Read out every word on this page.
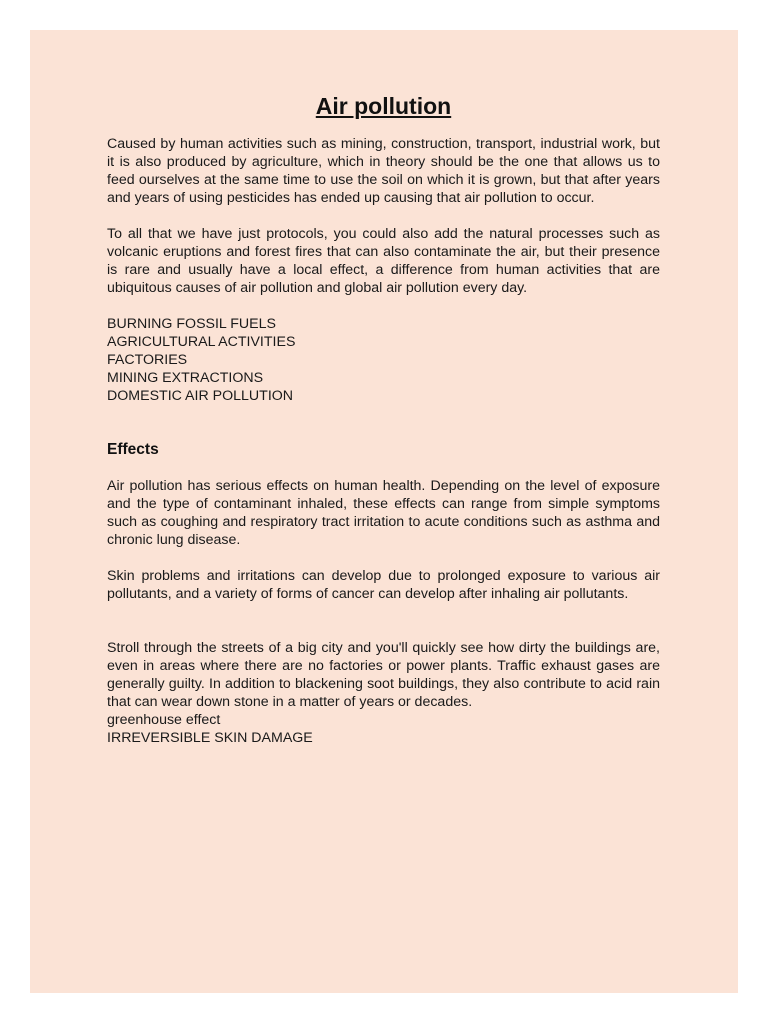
Air pollution

Caused by human activities such as mining, construction, transport, industrial work, but it is also produced by agriculture, which in theory should be the one that allows us to feed ourselves at the same time to use the soil on which it is grown, but that after years and years of using pesticides has ended up causing that air pollution to occur.

To all that we have just protocols, you could also add the natural processes such as volcanic eruptions and forest fires that can also contaminate the air, but their presence is rare and usually have a local effect, a difference from human activities that are ubiquitous causes of air pollution and global air pollution every day.

BURNING FOSSIL FUELS
AGRICULTURAL ACTIVITIES
FACTORIES
MINING EXTRACTIONS
DOMESTIC AIR POLLUTION
Effects

Air pollution has serious effects on human health. Depending on the level of exposure and the type of contaminant inhaled, these effects can range from simple symptoms such as coughing and respiratory tract irritation to acute conditions such as asthma and chronic lung disease.

Skin problems and irritations can develop due to prolonged exposure to various air pollutants, and a variety of forms of cancer can develop after inhaling air pollutants.

Stroll through the streets of a big city and you'll quickly see how dirty the buildings are, even in areas where there are no factories or power plants. Traffic exhaust gases are generally guilty. In addition to blackening soot buildings, they also contribute to acid rain that can wear down stone in a matter of years or decades.

greenhouse effect
IRREVERSIBLE SKIN DAMAGE
